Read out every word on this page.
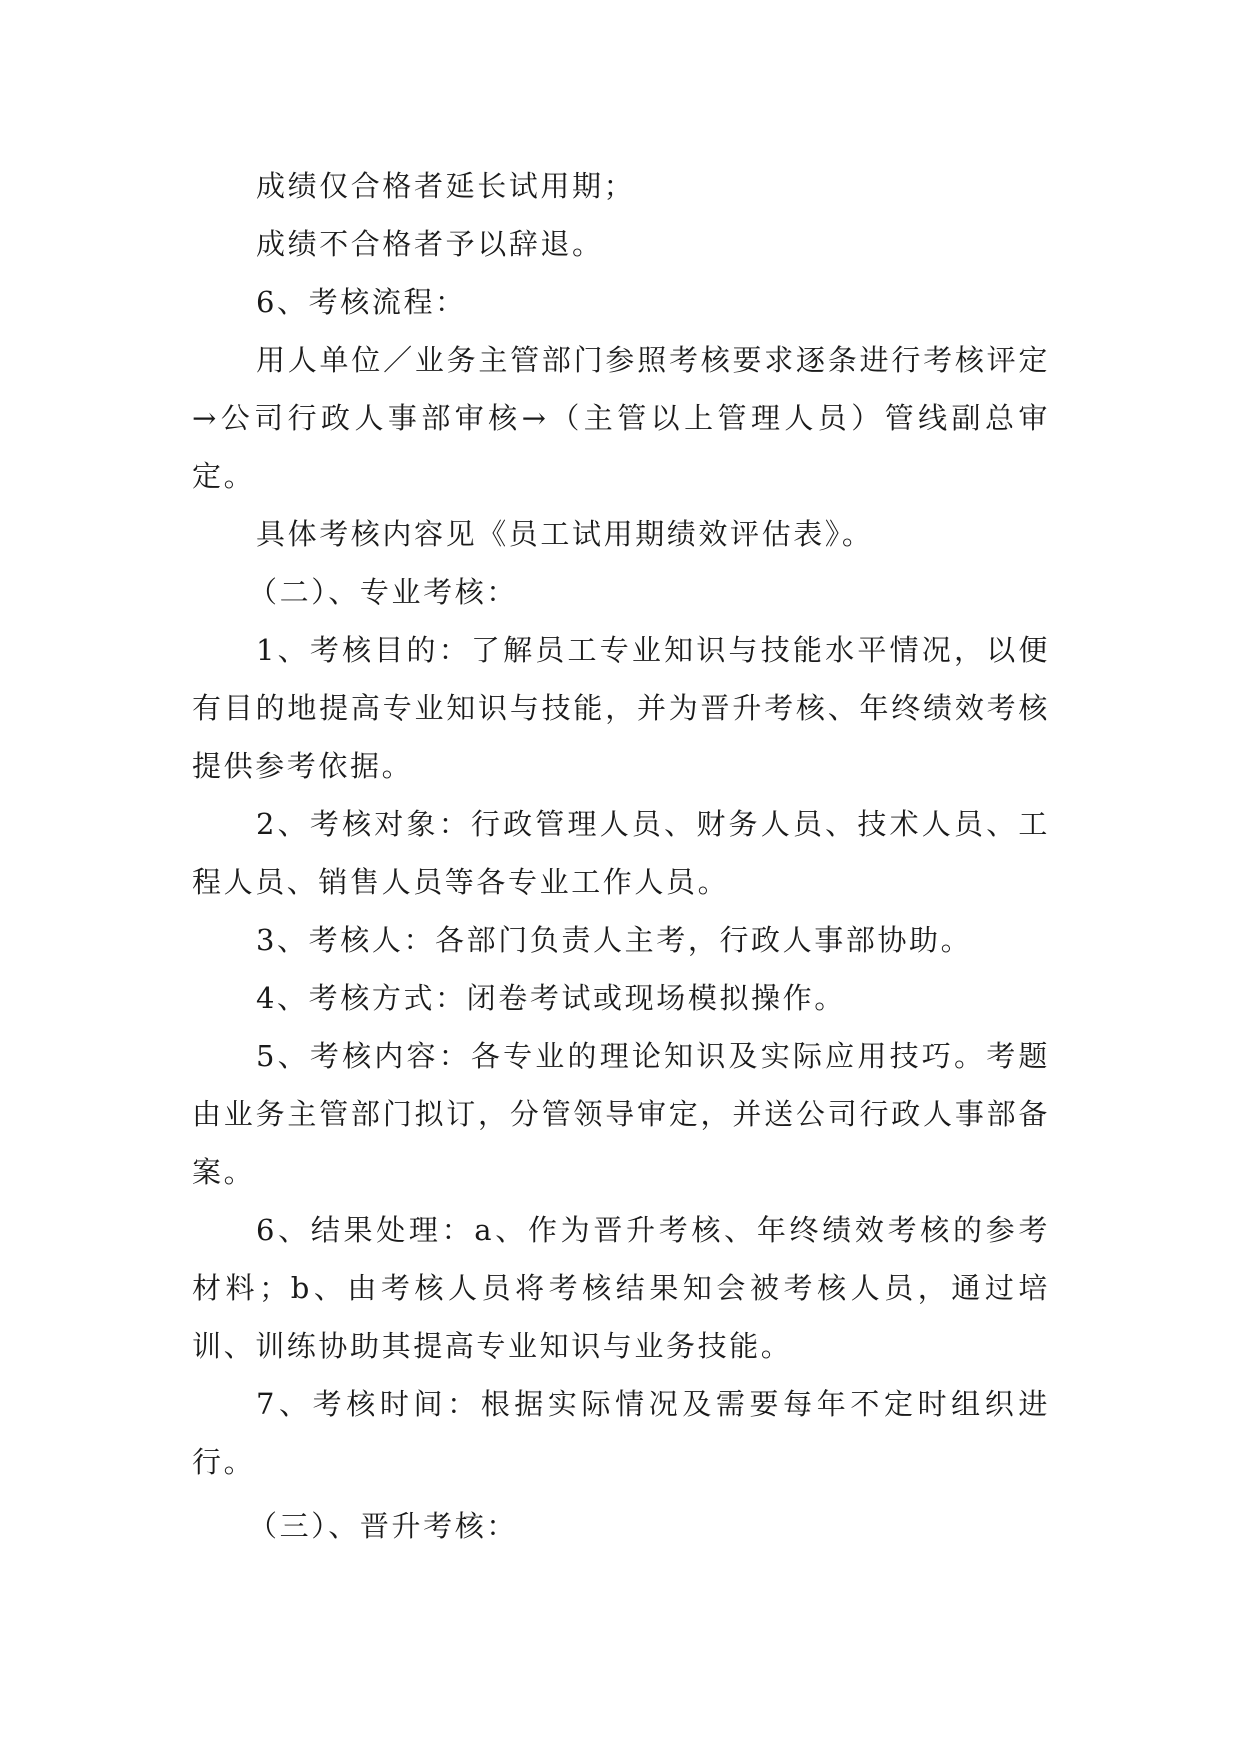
成绩仅合格者延长试用期；

成绩不合格者予以辞退。

6、考核流程：

用人单位／业务主管部门参照考核要求逐条进行考核评定→公司行政人事部审核→（主管以上管理人员）管线副总审定。

具体考核内容见《员工试用期绩效评估表》。

（二）、专业考核：

1、考核目的：了解员工专业知识与技能水平情况，以便有目的地提高专业知识与技能，并为晋升考核、年终绩效考核提供参考依据。

2、考核对象：行政管理人员、财务人员、技术人员、工程人员、销售人员等各专业工作人员。

3、考核人：各部门负责人主考，行政人事部协助。

4、考核方式：闭卷考试或现场模拟操作。

5、考核内容：各专业的理论知识及实际应用技巧。考题由业务主管部门拟订，分管领导审定，并送公司行政人事部备案。

6、结果处理：a、作为晋升考核、年终绩效考核的参考材料；b、由考核人员将考核结果知会被考核人员，通过培训、训练协助其提高专业知识与业务技能。

7、考核时间：根据实际情况及需要每年不定时组织进行。

（三）、晋升考核：
